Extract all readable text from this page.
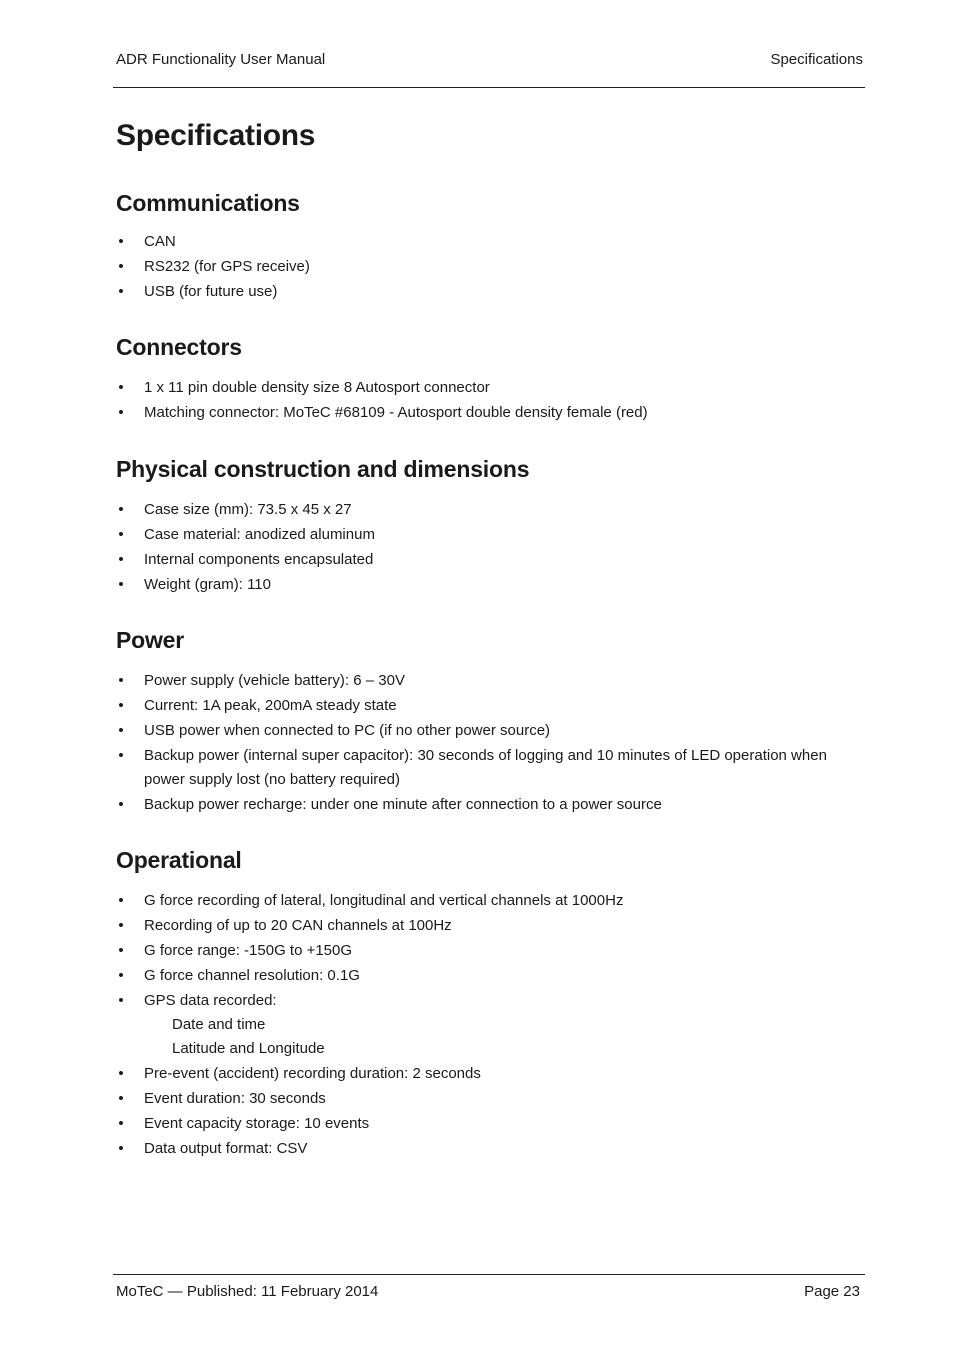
ADR Functionality User Manual	Specifications
Specifications
Communications
• CAN
• RS232 (for GPS receive)
• USB (for future use)
Connectors
• 1 x 11 pin double density size 8 Autosport connector
• Matching connector: MoTeC #68109 - Autosport double density female (red)
Physical construction and dimensions
• Case size (mm): 73.5 x 45 x 27
• Case material: anodized aluminum
• Internal components encapsulated
• Weight (gram): 110
Power
• Power supply (vehicle battery): 6 – 30V
• Current: 1A peak, 200mA steady state
• USB power when connected to PC (if no other power source)
• Backup power (internal super capacitor): 30 seconds of logging and 10 minutes of LED operation when power supply lost (no battery required)
• Backup power recharge: under one minute after connection to a power source
Operational
• G force recording of lateral, longitudinal and vertical channels at 1000Hz
• Recording of up to 20 CAN channels at 100Hz
• G force range: -150G to +150G
• G force channel resolution: 0.1G
• GPS data recorded:
Date and time
Latitude and Longitude
• Pre-event (accident) recording duration: 2 seconds
• Event duration: 30 seconds
• Event capacity storage: 10 events
• Data output format: CSV
MoTeC — Published: 11 February 2014	Page 23
